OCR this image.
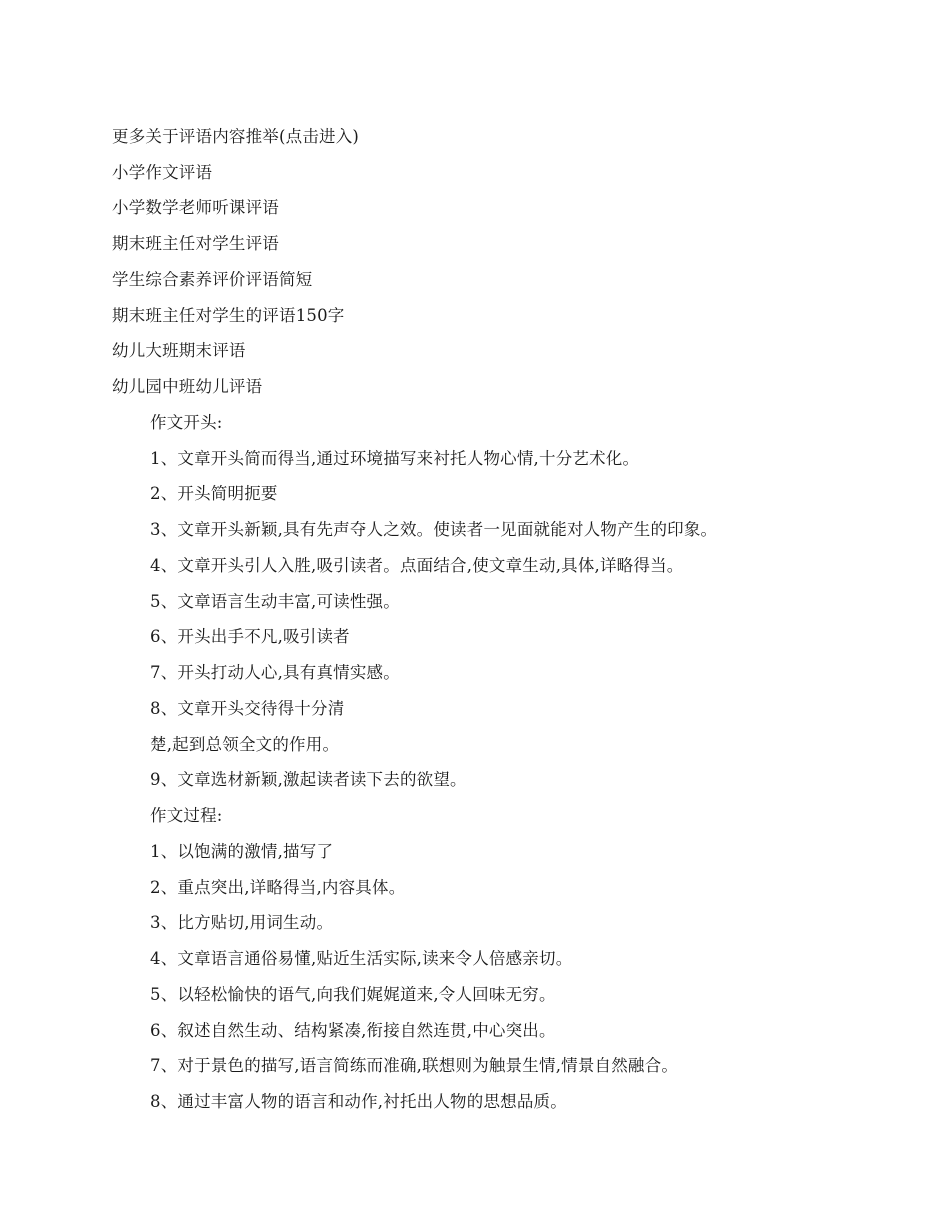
更多关于评语内容推举(点击进入)
小学作文评语
小学数学老师听课评语
期末班主任对学生评语
学生综合素养评价评语简短
期末班主任对学生的评语150字
幼儿大班期末评语
幼儿园中班幼儿评语
作文开头:
1、文章开头简而得当,通过环境描写来衬托人物心情,十分艺术化。
2、开头简明扼要
3、文章开头新颖,具有先声夺人之效。使读者一见面就能对人物产生的印象。
4、文章开头引人入胜,吸引读者。点面结合,使文章生动,具体,详略得当。
5、文章语言生动丰富,可读性强。
6、开头出手不凡,吸引读者
7、开头打动人心,具有真情实感。
8、文章开头交待得十分清
楚,起到总领全文的作用。
9、文章选材新颖,激起读者读下去的欲望。
作文过程:
1、以饱满的激情,描写了
2、重点突出,详略得当,内容具体。
3、比方贴切,用词生动。
4、文章语言通俗易懂,贴近生活实际,读来令人倍感亲切。
5、以轻松愉快的语气,向我们娓娓道来,令人回味无穷。
6、叙述自然生动、结构紧凑,衔接自然连贯,中心突出。
7、对于景色的描写,语言简练而准确,联想则为触景生情,情景自然融合。
8、通过丰富人物的语言和动作,衬托出人物的思想品质。
